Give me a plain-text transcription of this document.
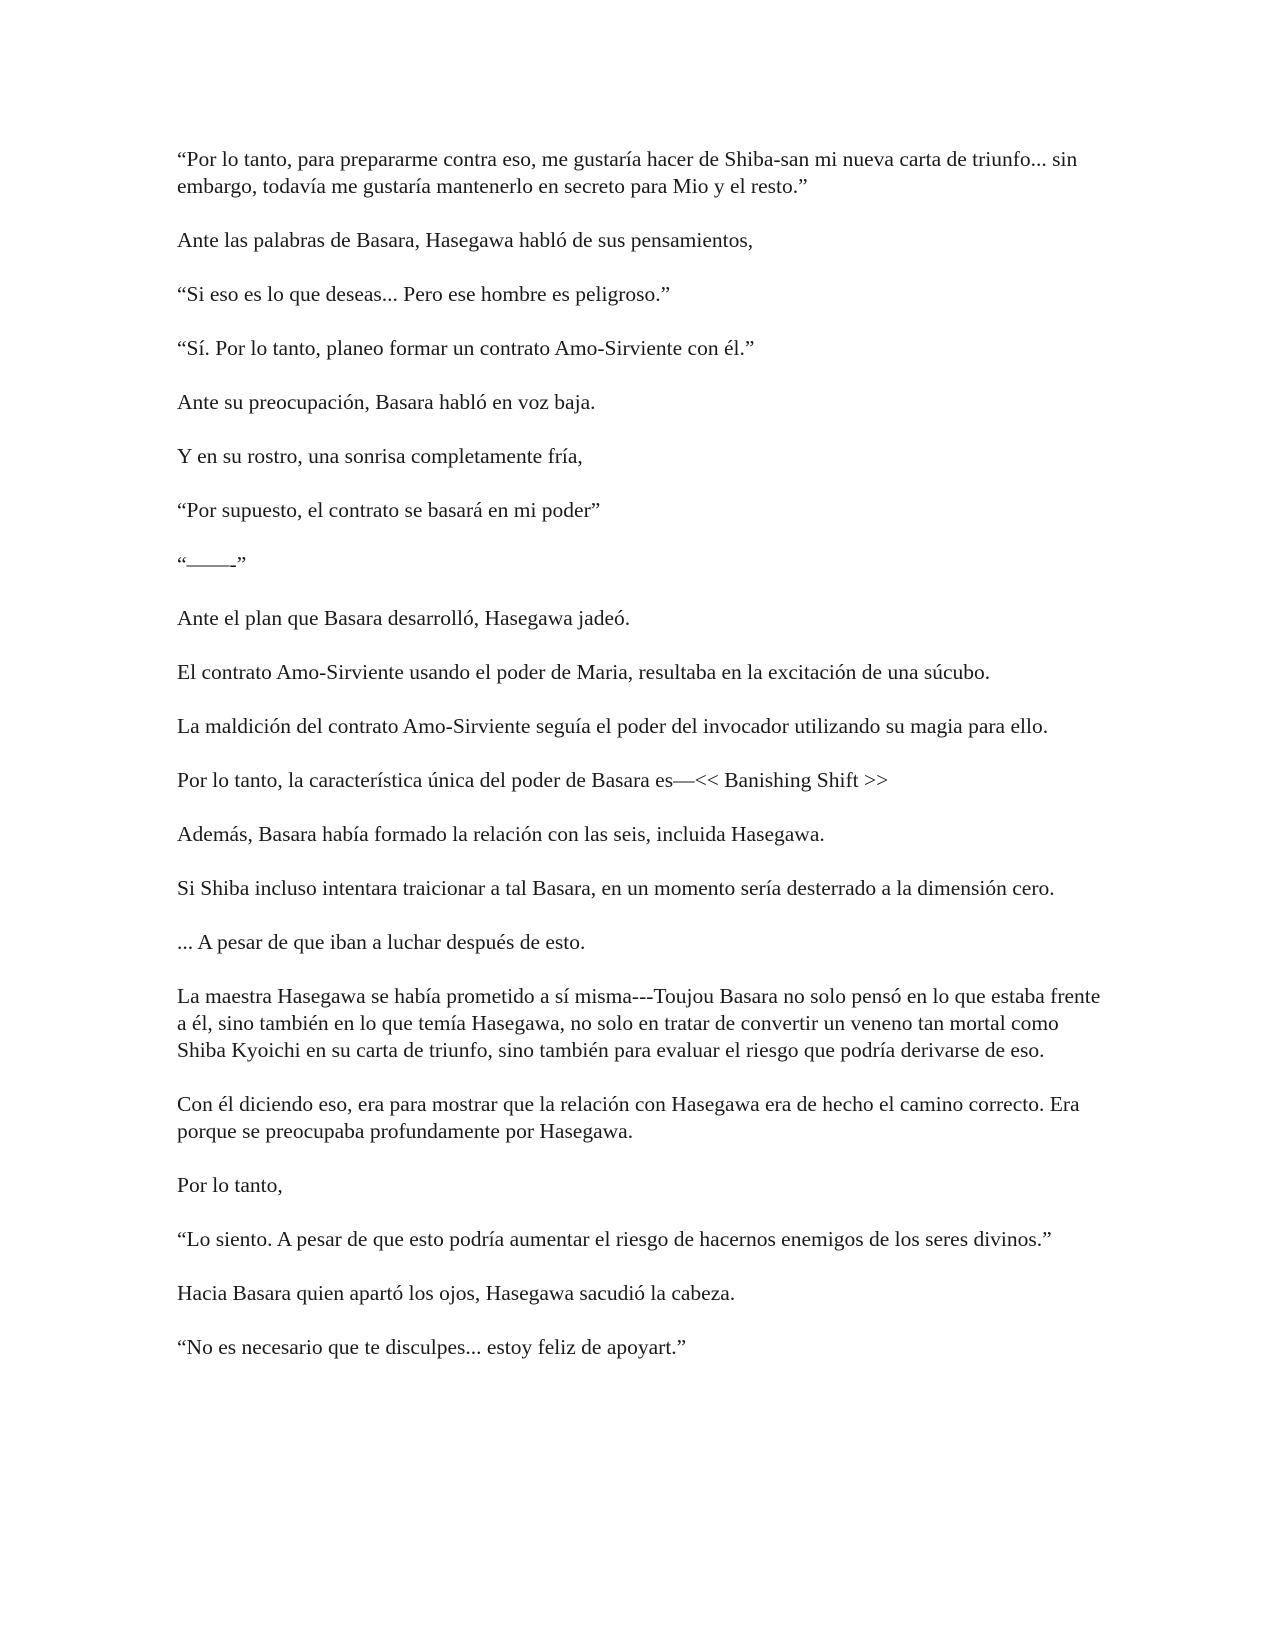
“Por lo tanto, para prepararme contra eso, me gustaría hacer de Shiba-san mi nueva carta de triunfo... sin embargo, todavía me gustaría mantenerlo en secreto para Mio y el resto.”

Ante las palabras de Basara, Hasegawa habló de sus pensamientos,

“Si eso es lo que deseas... Pero ese hombre es peligroso.”

“Sí. Por lo tanto, planeo formar un contrato Amo-Sirviente con él.”

Ante su preocupación, Basara habló en voz baja.

Y en su rostro, una sonrisa completamente fría,

“Por supuesto, el contrato se basará en mi poder”

“——-”

Ante el plan que Basara desarrolló, Hasegawa jadeó.

El contrato Amo-Sirviente usando el poder de Maria, resultaba en la excitación de una súcubo.

La maldición del contrato Amo-Sirviente seguía el poder del invocador utilizando su magia para ello.

Por lo tanto, la característica única del poder de Basara es—<< Banishing Shift >>

Además, Basara había formado la relación con las seis, incluida Hasegawa.

Si Shiba incluso intentara traicionar a tal Basara, en un momento sería desterrado a la dimensión cero.

... A pesar de que iban a luchar después de esto.

La maestra Hasegawa se había prometido a sí misma---Toujou Basara no solo pensó en lo que estaba frente a él, sino también en lo que temía Hasegawa, no solo en tratar de convertir un veneno tan mortal como Shiba Kyoichi en su carta de triunfo, sino también para evaluar el riesgo que podría derivarse de eso.

Con él diciendo eso, era para mostrar que la relación con Hasegawa era de hecho el camino correcto. Era porque se preocupaba profundamente por Hasegawa.

Por lo tanto,

“Lo siento. A pesar de que esto podría aumentar el riesgo de hacernos enemigos de los seres divinos.”

Hacia Basara quien apartó los ojos, Hasegawa sacudió la cabeza.

“No es necesario que te disculpes... estoy feliz de apoyart.”
